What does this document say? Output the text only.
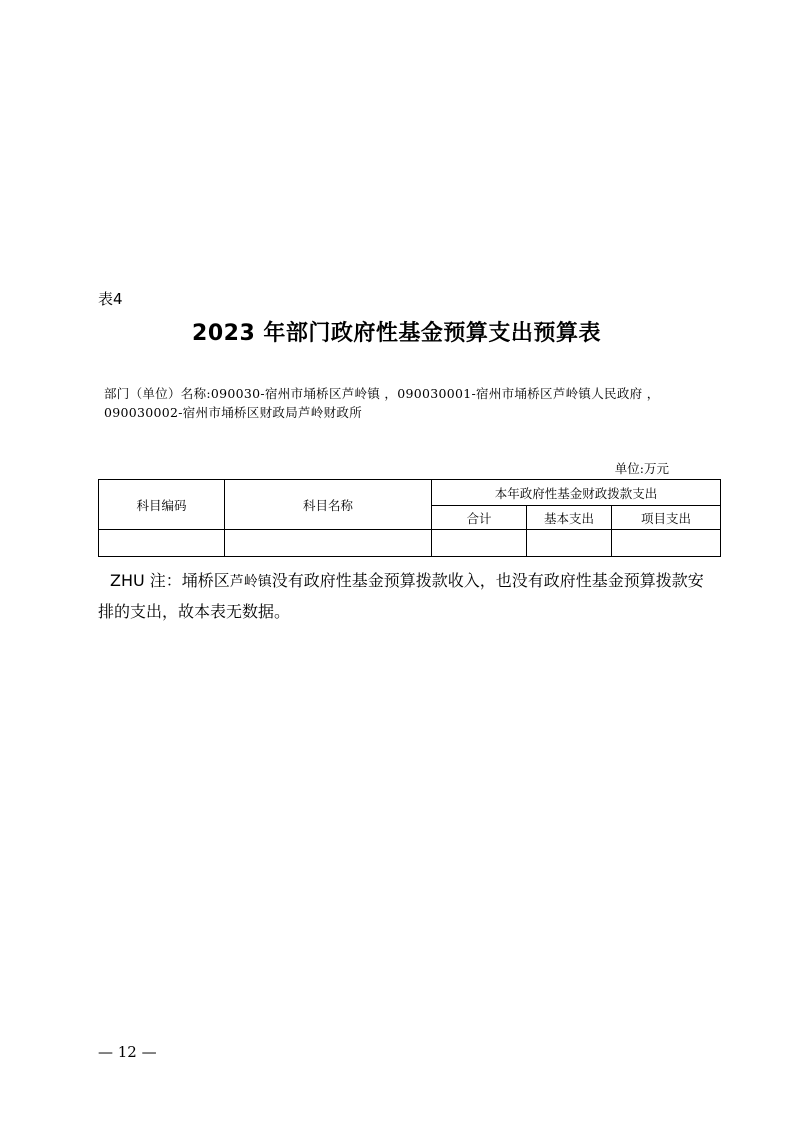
表4
2023 年部门政府性基金预算支出预算表
部门（单位）名称:090030-宿州市埇桥区芦岭镇 ，090030001-宿州市埇桥区芦岭镇人民政府 ，
090030002-宿州市埇桥区财政局芦岭财政所
单位:万元
科目编码	科目名称	本年政府性基金财政拨款支出		
		合计	基本支出	项目支出

ZHU 注：埇桥区芦岭镇没有政府性基金预算拨款收入，也没有政府性基金预算拨款安排的支出，故本表无数据。
— 12 —
